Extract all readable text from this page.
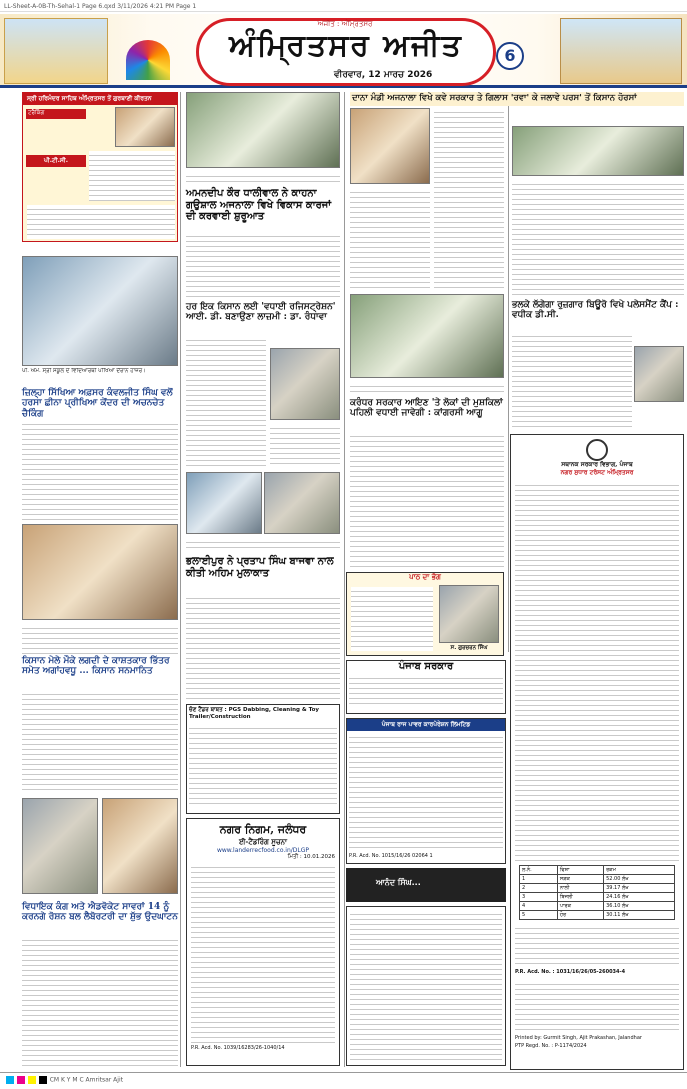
LL-Sheet-A-0B-Th-Sehal-1 Page 6.qxd 3/11/2026 4:21 PM Page 1
ਅਜੀਤ : ਅੰਮ੍ਰਿਤਸਰ
ਅੰਮ੍ਰਿਤਸਰ ਅਜੀਤ
ਵੀਰਵਾਰ, 12 ਮਾਰਚ 2026
6
ਸ੍ਰੀ ਹਰਿਮੰਦਰ ਸਾਹਿਬ ਅੰਮ੍ਰਿਤਸਰ ਤੋਂ ਗੁਰਬਾਣੀ ਕੀਰਤਨ
ਟਰੈਕਿੰਗ
ਪੀ.ਟੀ.ਸੀ.
ਪੀ. ਐਮ. ਸ੍ਰੀ ਸਕੂਲ ਦੇ ਵਿਦਿਆਰਥੀ ਪੀਖਿਆ ਦੌਰਾਨ ਹਾਜ਼ਰ।
ਜ਼ਿਲ੍ਹਾ ਸਿੱਖਿਆ ਅਫ਼ਸਰ ਕੰਵਲਜੀਤ ਸਿੰਘ ਵਲੋਂ ਹਰਸਾ ਛੀਨਾ ਪ੍ਰੀਖਿਆ ਕੇਂਦਰ ਦੀ ਅਚਨਚੇਤ ਚੈਕਿੰਗ
ਕਿਸਾਨ ਮੇਲੇ ਮੌਕੇ ਲਗਦੀ ਦੇ ਕਾਸ਼ਤਕਾਰ ਭਿੱਤਰ ਸਮੇਤ ਅਗਾਂਹਵਧੂ ... ਕਿਸਾਨ ਸਨਮਾਨਿਤ
ਵਿਧਾਇਕ ਕੰਗ ਅਤੇ ਐਡਵੋਕੇਟ ਸਾਵਰਾਂ 14 ਨੂੰ ਕਰਨਗੇ ਰੋਸ਼ਨ ਬਲ ਲੈਬੋਰਟਰੀ ਦਾ ਸ਼ੁੱਭ ਉਦਘਾਟਨ
ਅਮਨਦੀਪ ਕੌਰ ਧਾਲੀਵਾਲ ਨੇ ਕਾਹਨਾ ਗਉਸ਼ਾਲ ਅਜਨਾਲਾ ਵਿਖੇ ਵਿਕਾਸ ਕਾਰਜਾਂ ਦੀ ਕਰਵਾਈ ਸ਼ੁਰੂਆਤ
ਹਰ ਇਕ ਕਿਸਾਨ ਲਈ 'ਵਧਾਈ ਰਜਿਸਟ੍ਰੇਸ਼ਨ' ਆਈ. ਡੀ. ਬਣਾਉਣਾ ਲਾਜ਼ਮੀ : ਡਾ. ਰੰਧਾਵਾ
ਭਲਾਈਪੁਰ ਨੇ ਪ੍ਰਤਾਪ ਸਿੰਘ ਬਾਜਵਾ ਨਾਲ ਕੀਤੀ ਅਹਿਮ ਮੁਲਾਕਾਤ
ਚੋਣ ਟੈਂਡਰ ਬਾਬਤ : PGS Dabbing, Cleaning & Toy Trailer/Construction
ਨਗਰ ਨਿਗਮ, ਜਲੰਧਰ
ਈ-ਟੈਂਡਰਿੰਗ ਸੂਚਨਾ
www.landerrecfood.co.in/DLGP
ਮਿਤੀ : 10.01.2026
P.R. Acd. No. 1039/16283/26-1040/14
ਦਾਨਾ ਮੰਡੀ ਅਜਨਾਲਾ ਵਿਖੇ ਕਵੇ ਸਰਕਾਰ ਤੇ ਗਿਲਾਸ 'ਰਵਾ' ਕੇ ਜਲਾਵੇ ਪਰਸ' ਤੋਂ ਕਿਸਾਨ ਹੋਰਸਾਂ
ਕਰੰਧਰ ਸਰਕਾਰ ਆਇਣ 'ਤੇ ਲੋਕਾਂ ਦੀ ਮੁਸ਼ਕਿਲਾਂ ਪਹਿਲੀ ਵਧਾਈ ਜਾਵੇਗੀ : ਕਾਂਗਰਸੀ ਆਗੂ
ਪਾਠ ਦਾ ਭੋਗ
ਸ. ਗੁਰਚਰਨ ਸਿੰਘ
ਪੰਜਾਬ ਸਰਕਾਰ
ਪੰਜਾਬ ਰਾਜ ਪਾਵਰ ਕਾਰਪੋਰੇਸ਼ਨ ਲਿਮਟਿਡ
P.R. Acd. No. 1015/16/26 02064 1
ਆਨੰਦ ਸਿੰਘ...
ਭਲਕੇ ਲੱਗੇਗਾ ਰੁਜ਼ਗਾਰ ਬਿਊਰੋ ਵਿਖੇ ਪਲੇਸਮੈਂਟ ਕੈਂਪ : ਵਧੀਕ ਡੀ.ਸੀ.
ਸਥਾਨਕ ਸਰਕਾਰ ਵਿਭਾਗ, ਪੰਜਾਬ
ਨਗਰ ਸੁਧਾਰ ਟਰੱਸਟ ਅੰਮ੍ਰਿਤਸਰ
ਲ.ਨੰ.	ਵਿਸ਼ਾ	ਰਕਮ
1	ਸੜਕ	52.00 ਲੱਖ
2	ਨਾਲੀ	39.17 ਲੱਖ
3	ਬਿਜਲੀ	24.16 ਲੱਖ
4	ਪਾਰਕ	36.10 ਲੱਖ
5	ਹੋਰ	30.11 ਲੱਖ
P.R. Acd. No. : 1031/16/26/05-260034-4
Printed by: Gurmit Singh, Ajit Prakashan, Jalandhar
PTP Regd. No. : P-1174/2024
CM K Y M C Amritsar Ajit
